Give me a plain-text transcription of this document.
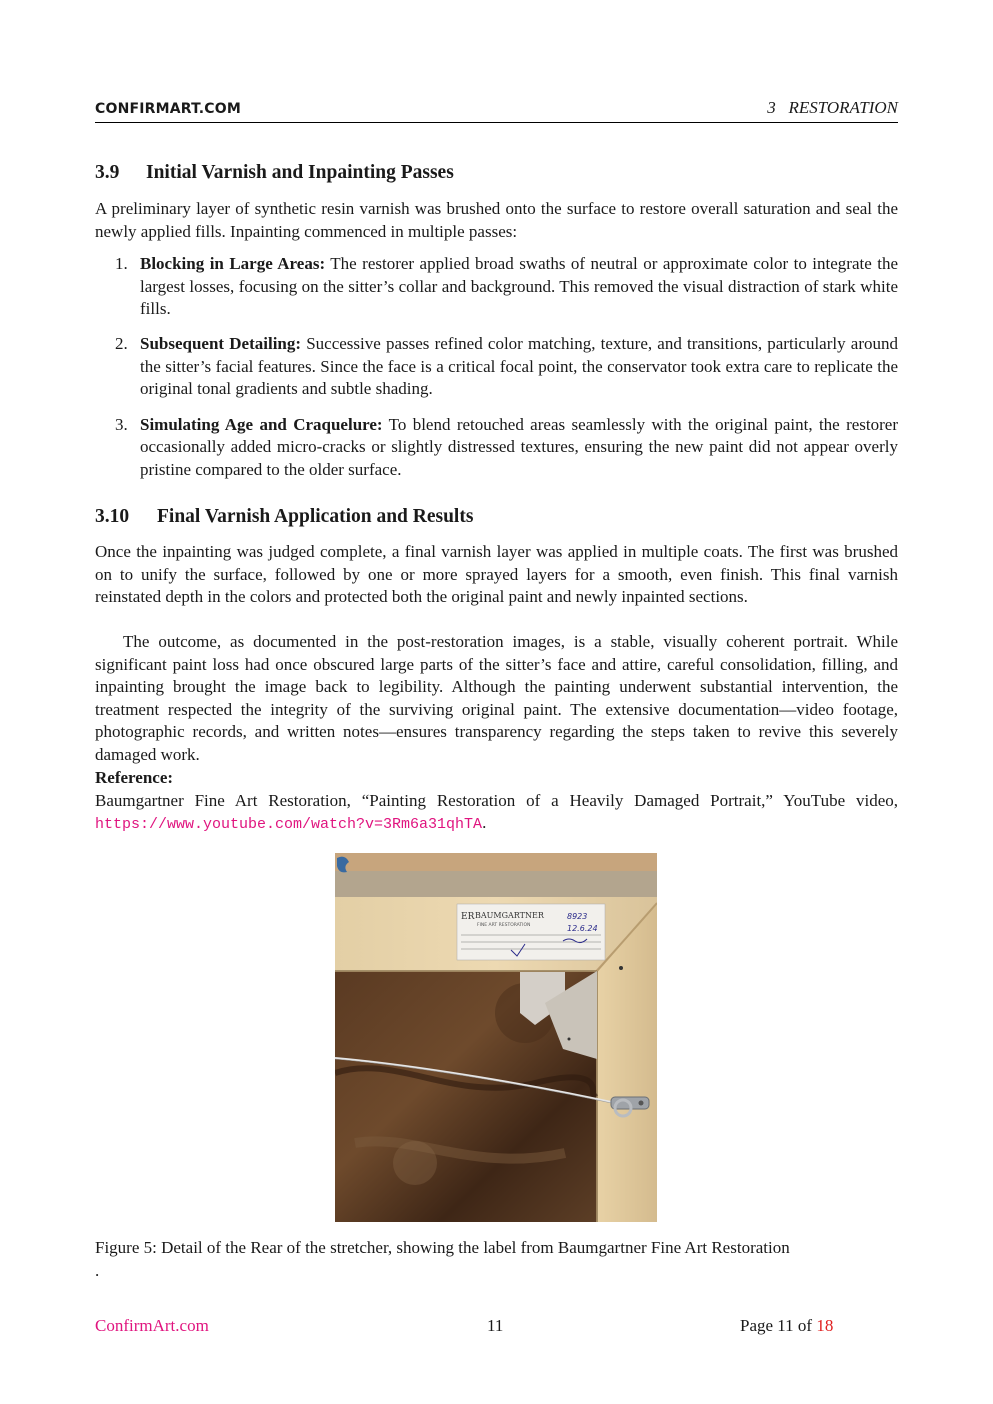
CONFIRMART.COM	3   RESTORATION
3.9 Initial Varnish and Inpainting Passes
A preliminary layer of synthetic resin varnish was brushed onto the surface to restore overall saturation and seal the newly applied fills. Inpainting commenced in multiple passes:
1. Blocking in Large Areas: The restorer applied broad swaths of neutral or approximate color to integrate the largest losses, focusing on the sitter’s collar and background. This removed the visual distraction of stark white fills.
2. Subsequent Detailing: Successive passes refined color matching, texture, and transitions, particularly around the sitter’s facial features. Since the face is a critical focal point, the conservator took extra care to replicate the original tonal gradients and subtle shading.
3. Simulating Age and Craquelure: To blend retouched areas seamlessly with the original paint, the restorer occasionally added micro-cracks or slightly distressed textures, ensuring the new paint did not appear overly pristine compared to the older surface.
3.10 Final Varnish Application and Results
Once the inpainting was judged complete, a final varnish layer was applied in multiple coats. The first was brushed on to unify the surface, followed by one or more sprayed layers for a smooth, even finish. This final varnish reinstated depth in the colors and protected both the original paint and newly inpainted sections.
The outcome, as documented in the post-restoration images, is a stable, visually coherent portrait. While significant paint loss had once obscured large parts of the sitter’s face and attire, careful consolidation, filling, and inpainting brought the image back to legibility. Although the painting underwent substantial intervention, the treatment respected the integrity of the surviving original paint. The extensive documentation—video footage, photographic records, and written notes—ensures transparency regarding the steps taken to revive this severely damaged work.
Reference:
Baumgartner Fine Art Restoration, “Painting Restoration of a Heavily Damaged Portrait,” YouTube video, https://www.youtube.com/watch?v=3Rm6a31qhTA.
ER BAUMGARTNER
FINE ART RESTORATION
8923
12.6.24
Figure 5: Detail of the Rear of the stretcher, showing the label from Baumgartner Fine Art Restoration
.
ConfirmArt.com	11	Page 11 of 18
